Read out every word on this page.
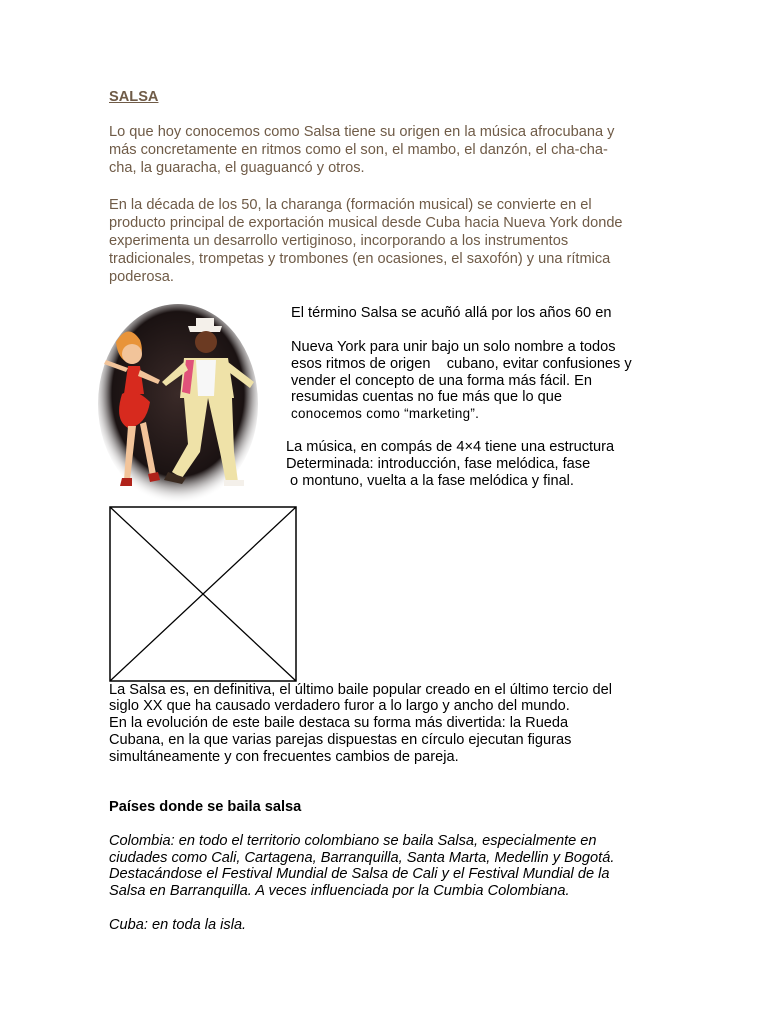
SALSA
Lo que hoy conocemos como Salsa tiene su origen en la música afrocubana y
más concretamente en ritmos como el son, el mambo, el danzón, el cha-cha-
cha, la guaracha, el guaguancó y otros.
En la década de los 50, la charanga (formación musical) se convierte en el
producto principal de exportación musical desde Cuba hacia Nueva York donde
experimenta un desarrollo vertiginoso, incorporando a los instrumentos
tradicionales, trompetas y trombones (en ocasiones, el saxofón) y una rítmica
poderosa.
El término Salsa se acuñó allá por los años 60 en
Nueva York para unir bajo un solo nombre a todos
esos ritmos de origen    cubano, evitar confusiones y
vender el concepto de una forma más fácil. En
resumidas cuentas no fue más que lo que
conocemos como “marketing”.
La música, en compás de 4×4 tiene una estructura
Determinada: introducción, fase melódica, fase
o montuno, vuelta a la fase melódica y final.
La Salsa es, en definitiva, el último baile popular creado en el último tercio del
siglo XX que ha causado verdadero furor a lo largo y ancho del mundo.
En la evolución de este baile destaca su forma más divertida: la Rueda
Cubana, en la que varias parejas dispuestas en círculo ejecutan figuras
simultáneamente y con frecuentes cambios de pareja.
Países donde se baila salsa
Colombia: en todo el territorio colombiano se baila Salsa, especialmente en
ciudades como Cali, Cartagena, Barranquilla, Santa Marta, Medellin y Bogotá.
Destacándose el Festival Mundial de Salsa de Cali y el Festival Mundial de la
Salsa en Barranquilla. A veces influenciada por la Cumbia Colombiana.
Cuba: en toda la isla.
